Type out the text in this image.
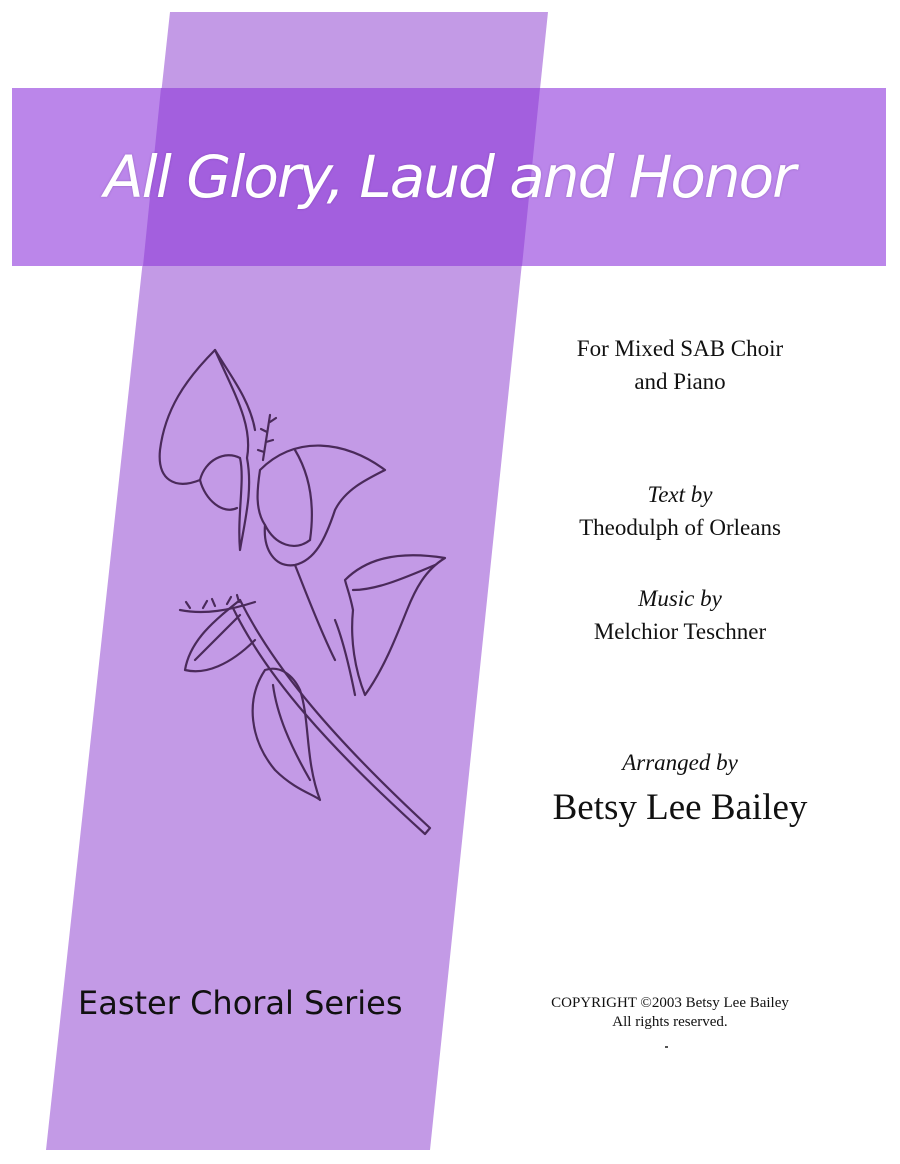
All Glory, Laud and Honor
For Mixed SAB Choir
and Piano
Text by
Theodulph of Orleans
Music by
Melchior Teschner
Arranged by
Betsy Lee Bailey
Easter Choral Series	COPYRIGHT ©2003 Betsy Lee Bailey
All rights reserved.
